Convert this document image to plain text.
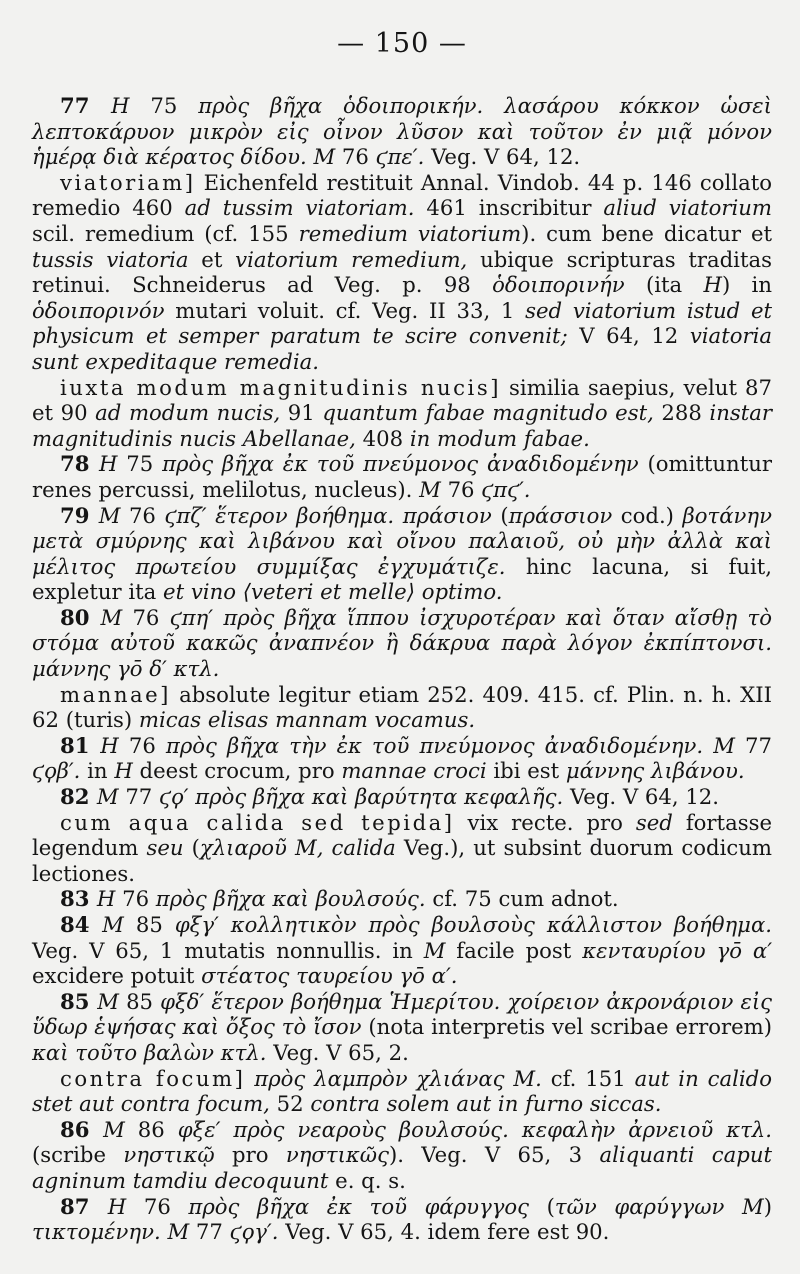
— 150 —

77 H 75 πρὸς βῆχα ὁδοιπορικήν. λασάρου κόκκον ὡσεὶ λεπτοκάρυον μικρὸν εἰς οἶνον λῦσον καὶ τοῦτον ἐν μιᾷ μόνον ἡμέρᾳ διὰ κέρατος δίδου. M 76 ϛπε′. Veg. V 64, 12.

viatoriam] Eichenfeld restituit Annal. Vindob. 44 p. 146 collato remedio 460 ad tussim viatoriam. 461 inscribitur aliud viatorium scil. remedium (cf. 155 remedium viatorium). cum bene dicatur et tussis viatoria et viatorium remedium, ubique scripturas traditas retinui. Schneiderus ad Veg. p. 98 ὁδοιπορινήν (ita H) in ὁδοιπορινόν mutari voluit. cf. Veg. II 33, 1 sed viatorium istud et physicum et semper paratum te scire convenit; V 64, 12 viatoria sunt expeditaque remedia.

iuxta modum magnitudinis nucis] similia saepius, velut 87 et 90 ad modum nucis, 91 quantum fabae magnitudo est, 288 instar magnitudinis nucis Abellanae, 408 in modum fabae.

78 H 75 πρὸς βῆχα ἐκ τοῦ πνεύμονος ἀναδιδομένην (omittuntur renes percussi, melilotus, nucleus). M 76 ϛπϛ′.

79 M 76 ϛπζ′ ἕτερον βοήθημα. πράσιον (πράσσιον cod.) βοτάνην μετὰ σμύρνης καὶ λιβάνου καὶ οἴνου παλαιοῦ, οὐ μὴν ἀλλὰ καὶ μέλιτος πρωτείου συμμίξας ἐγχυμάτιζε. hinc lacuna, si fuit, expletur ita et vino ⟨veteri et melle⟩ optimo.

80 M 76 ϛπη′ πρὸς βῆχα ἵππου ἰσχυροτέραν καὶ ὅταν αἴσθῃ τὸ στόμα αὐτοῦ κακῶς ἀναπνέον ἢ δάκρυα παρὰ λόγον ἐκπίπτονσι. μάννης γο̄ δ′ κτλ.

mannae] absolute legitur etiam 252. 409. 415. cf. Plin. n. h. XII 62 (turis) micas elisas mannam vocamus.

81 H 76 πρὸς βῆχα τὴν ἐκ τοῦ πνεύμονος ἀναδιδομένην. M 77 ϛϙβ′. in H deest crocum, pro mannae croci ibi est μάννης λιβάνου.

82 M 77 ϛϙ′ πρὸς βῆχα καὶ βαρύτητα κεφαλῆς. Veg. V 64, 12.

cum aqua calida sed tepida] vix recte. pro sed fortasse legendum seu (χλιαροῦ M, calida Veg.), ut subsint duorum codicum lectiones.

83 H 76 πρὸς βῆχα καὶ βουλσούς. cf. 75 cum adnot.

84 M 85 φξγ′ κολλητικὸν πρὸς βουλσοὺς κάλλιστον βοήθημα. Veg. V 65, 1 mutatis nonnullis. in M facile post κενταυρίου γο̄ α′ excidere potuit στέατος ταυρείου γο̄ α′.

85 M 85 φξδ′ ἕτερον βοήθημα Ἡμερίτου. χοίρειον ἀκρονάριον εἰς ὕδωρ ἑψήσας καὶ ὄξος τὸ ἴσον (nota interpretis vel scribae errorem) καὶ τοῦτο βαλὼν κτλ. Veg. V 65, 2.

contra focum] πρὸς λαμπρὸν χλιάνας M. cf. 151 aut in calido stet aut contra focum, 52 contra solem aut in furno siccas.

86 M 86 φξε′ πρὸς νεαροὺς βουλσούς. κεφαλὴν ἀρνειοῦ κτλ. (scribe νηστικῷ pro νηστικῶς). Veg. V 65, 3 aliquanti caput agninum tamdiu decoquunt e. q. s.

87 H 76 πρὸς βῆχα ἐκ τοῦ φάρυγγος (τῶν φαρύγγων M) τικτομένην. M 77 ϛϙγ′. Veg. V 65, 4. idem fere est 90.
